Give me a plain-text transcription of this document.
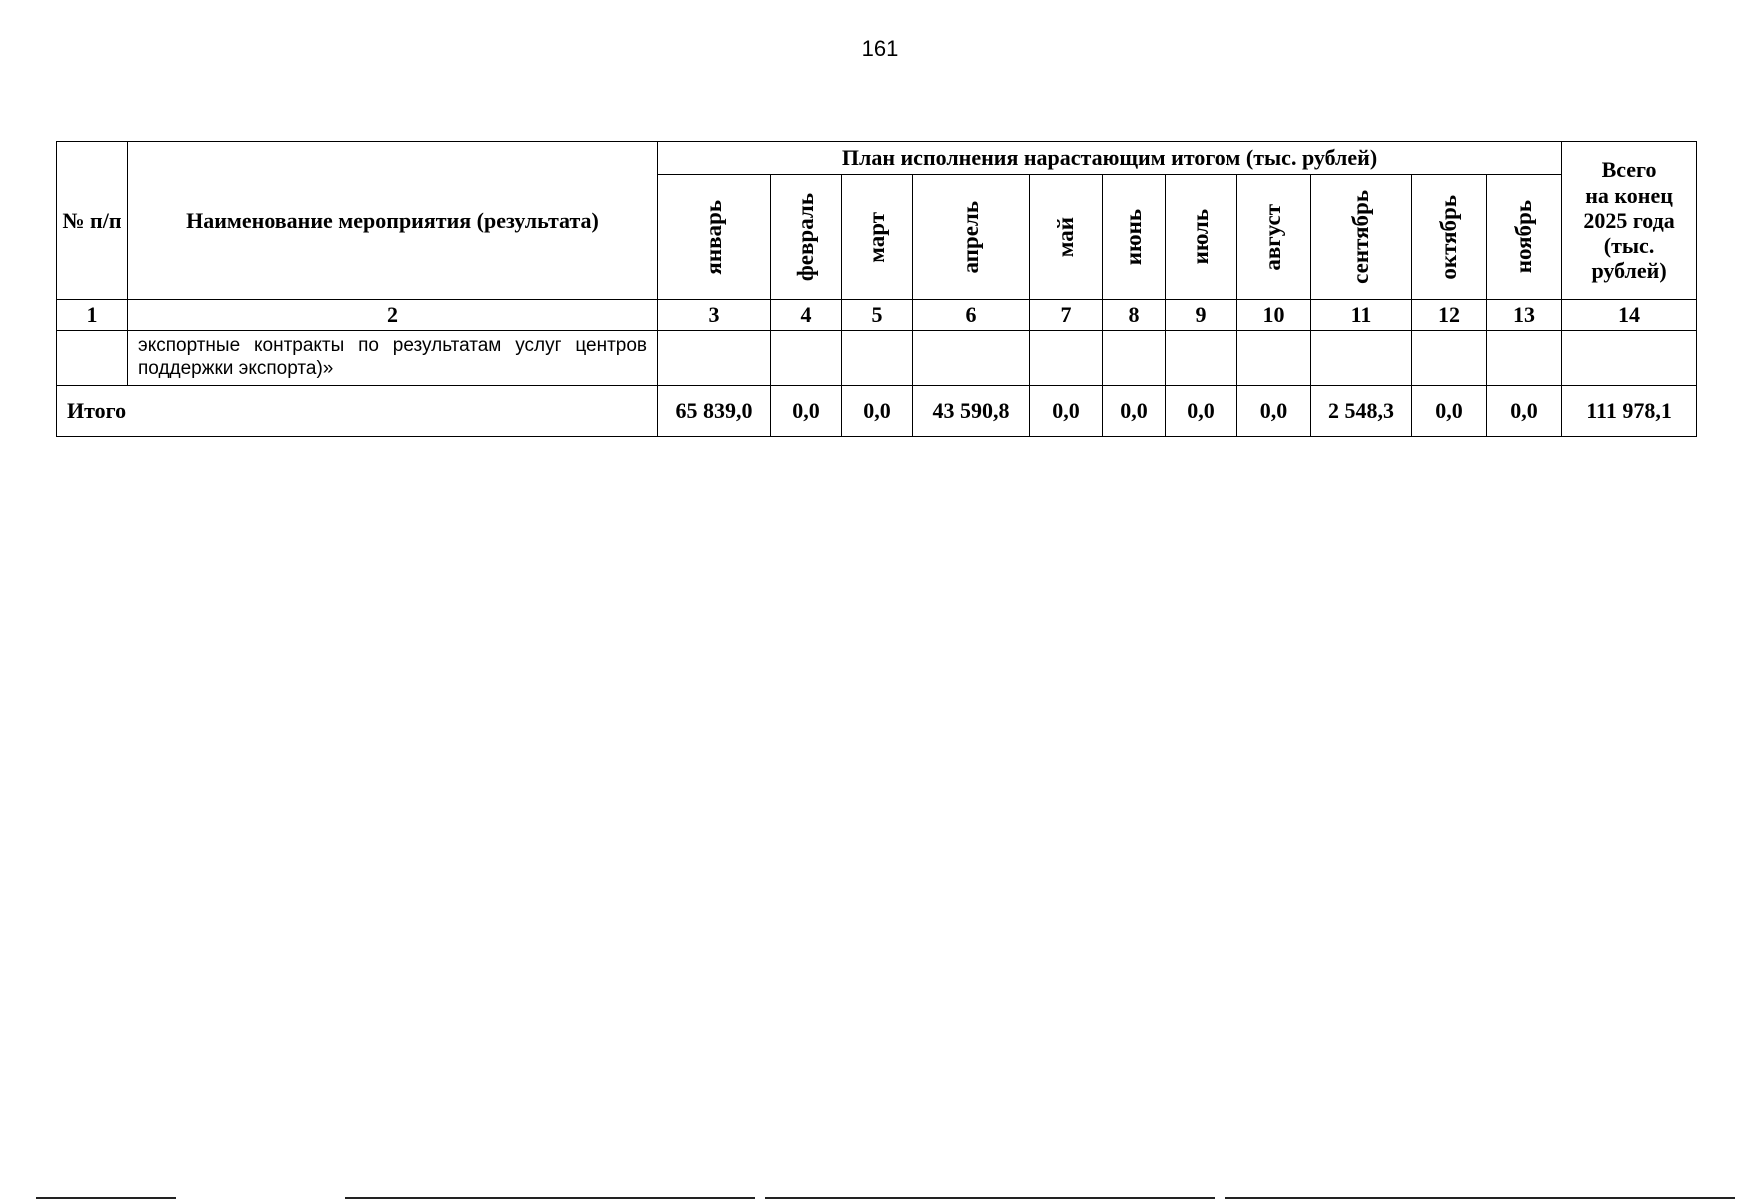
161
№ п/п	Наименование мероприятия (результата)	План исполнения нарастающим итогом (тыс. рублей)											Всего
на конец
2025 года
(тыс.
рублей)

		январь	февраль	март	апрель	май	июнь	июль	август	сентябрь	октябрь	ноябрь	

1	2	3	4	5	6	7	8	9	10	11	12	13	14
	экспортные контракты по результатам услуг центров поддержки экспорта)»												
Итого		65 839,0	0,0	0,0	43 590,8	0,0	0,0	0,0	0,0	2 548,3	0,0	0,0	111 978,1
